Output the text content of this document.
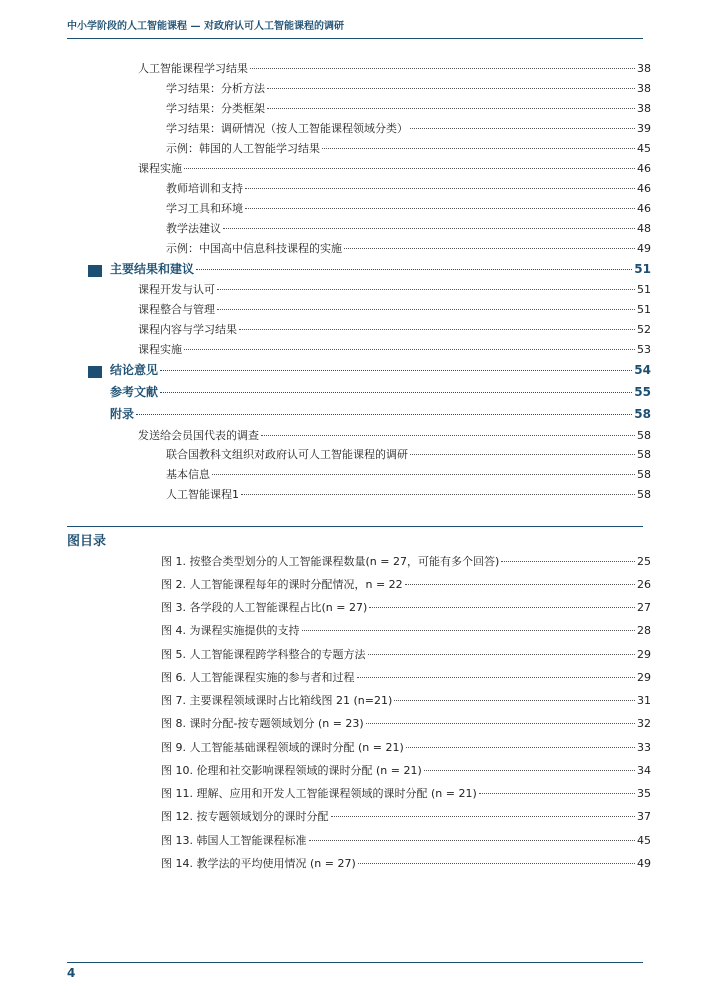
中小学阶段的人工智能课程 — 对政府认可人工智能课程的调研
人工智能课程学习结果	38
学习结果：分析方法	38
学习结果：分类框架	38
学习结果：调研情况（按人工智能课程领域分类）	39
示例：韩国的人工智能学习结果	45
课程实施	46
教师培训和支持	46
学习工具和环境	46
教学法建议	48
示例：中国高中信息科技课程的实施	49
主要结果和建议	51
课程开发与认可	51
课程整合与管理	51
课程内容与学习结果	52
课程实施	53
结论意见	54
参考文献	55
附录	58
发送给会员国代表的调查	58
联合国教科文组织对政府认可人工智能课程的调研	58
基本信息	58
人工智能课程1	58
图目录
图 1. 按整合类型划分的人工智能课程数量(n = 27，可能有多个回答)	25
图 2. 人工智能课程每年的课时分配情况，n = 22	26
图 3. 各学段的人工智能课程占比(n = 27)	27
图 4. 为课程实施提供的支持	28
图 5. 人工智能课程跨学科整合的专题方法	29
图 6. 人工智能课程实施的参与者和过程	29
图 7. 主要课程领域课时占比箱线图 21 (n=21)	31
图 8. 课时分配-按专题领域划分 (n = 23)	32
图 9. 人工智能基础课程领域的课时分配 (n = 21)	33
图 10. 伦理和社交影响课程领域的课时分配 (n = 21)	34
图 11. 理解、应用和开发人工智能课程领域的课时分配 (n = 21)	35
图 12. 按专题领域划分的课时分配	37
图 13. 韩国人工智能课程标准	45
图 14. 教学法的平均使用情况 (n = 27)	49
4
